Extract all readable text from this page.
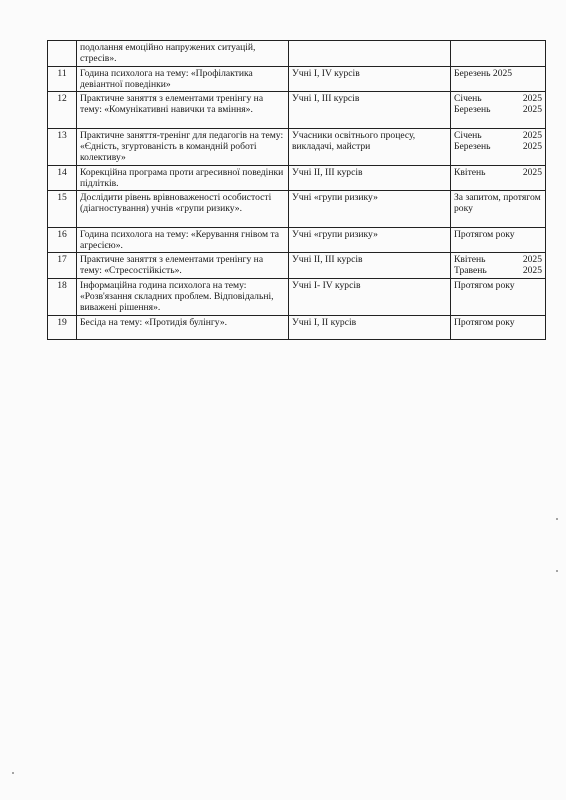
	подолання емоційно напружених ситуацій, стресів».		
11	Година психолога на тему: «Профілактика девіантної поведінки»	Учні I, IV курсів	Березень 2025

12	Практичне заняття з елементами тренінгу на тему: «Комунікативні навички та вміння».	Учні I, III курсів	Січень 2025
Березень 2025

13	Практичне заняття-тренінг для педагогів на тему: «Єдність, згуртованість в командній роботі колективу»	Учасники освітнього процесу, викладачі, майстри	Січень 2025
Березень 2025

14	Корекційна програма проти агресивної поведінки підлітків.	Учні II, III курсів	Квітень 2025

15	Дослідити рівень врівноваженості особистості (діагностування) учнів «групи ризику».	Учні «групи ризику»	За запитом, протягом року

16	Година психолога на тему: «Керування гнівом та агресією».	Учні «групи ризику»	Протягом року

17	Практичне заняття з елементами тренінгу на тему: «Стресостійкість».	Учні II, III курсів	Квітень 2025
Травень 2025

18	Інформаційна година психолога на тему: «Розв'язання складних проблем. Відповідальні, виважені рішення».	Учні I- IV курсів	Протягом року

19	Бесіда на тему: «Протидія булінгу».	Учні I, II курсів	Протягом року
